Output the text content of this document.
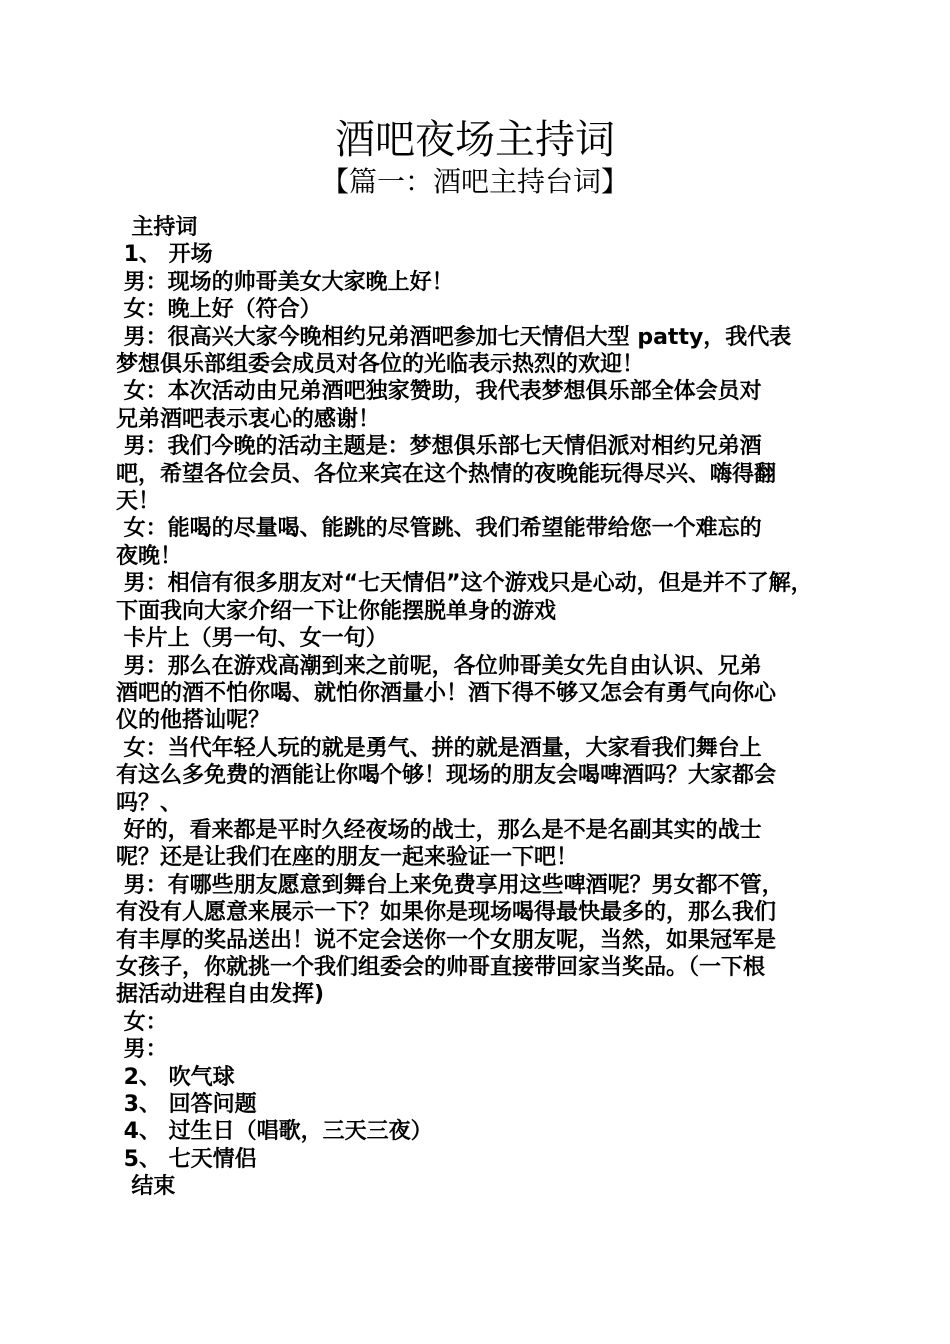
酒吧夜场主持词
【篇一：酒吧主持台词】

主持词

1、 开场

男：现场的帅哥美女大家晚上好！

女：晚上好（符合）

男：很高兴大家今晚相约兄弟酒吧参加七天情侣大型 patty，我代表

梦想俱乐部组委会成员对各位的光临表示热烈的欢迎！

女：本次活动由兄弟酒吧独家赞助，我代表梦想俱乐部全体会员对

兄弟酒吧表示衷心的感谢！

男：我们今晚的活动主题是：梦想俱乐部七天情侣派对相约兄弟酒

吧，希望各位会员、各位来宾在这个热情的夜晚能玩得尽兴、嗨得翻

天！

女：能喝的尽量喝、能跳的尽管跳、我们希望能带给您一个难忘的

夜晚！

男：相信有很多朋友对“七天情侣”这个游戏只是心动，但是并不了解，

下面我向大家介绍一下让你能摆脱单身的游戏

卡片上（男一句、女一句）

男：那么在游戏高潮到来之前呢，各位帅哥美女先自由认识、兄弟

酒吧的酒不怕你喝、就怕你酒量小！酒下得不够又怎会有勇气向你心

仪的他搭讪呢？

女：当代年轻人玩的就是勇气、拼的就是酒量，大家看我们舞台上

有这么多免费的酒能让你喝个够！现场的朋友会喝啤酒吗？大家都会

吗？、

好的，看来都是平时久经夜场的战士，那么是不是名副其实的战士

呢？还是让我们在座的朋友一起来验证一下吧！

男：有哪些朋友愿意到舞台上来免费享用这些啤酒呢？男女都不管，

有没有人愿意来展示一下？如果你是现场喝得最快最多的，那么我们

有丰厚的奖品送出！说不定会送你一个女朋友呢，当然，如果冠军是

女孩子，你就挑一个我们组委会的帅哥直接带回家当奖品。（一下根

据活动进程自由发挥)

女：

男：

2、 吹气球

3、 回答问题

4、 过生日（唱歌，三天三夜）

5、 七天情侣

结束
